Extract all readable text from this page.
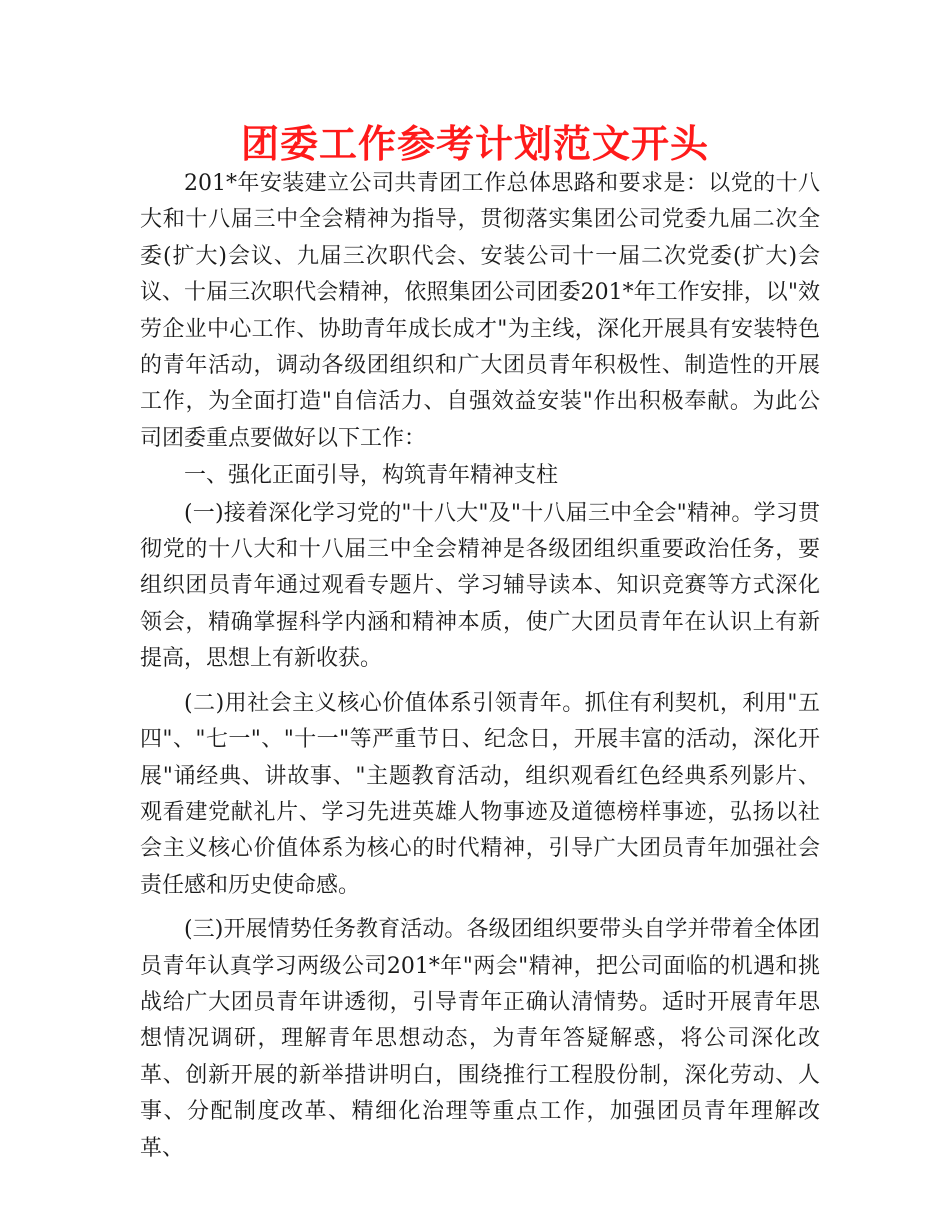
团委工作参考计划范文开头

201*年安装建立公司共青团工作总体思路和要求是：以党的十八大和十八届三中全会精神为指导，贯彻落实集团公司党委九届二次全委(扩大)会议、九届三次职代会、安装公司十一届二次党委(扩大)会议、十届三次职代会精神，依照集团公司团委201*年工作安排，以"效劳企业中心工作、协助青年成长成才"为主线，深化开展具有安装特色的青年活动，调动各级团组织和广大团员青年积极性、制造性的开展工作，为全面打造"自信活力、自强效益安装"作出积极奉献。为此公司团委重点要做好以下工作：

一、强化正面引导，构筑青年精神支柱

(一)接着深化学习党的"十八大"及"十八届三中全会"精神。学习贯彻党的十八大和十八届三中全会精神是各级团组织重要政治任务，要组织团员青年通过观看专题片、学习辅导读本、知识竞赛等方式深化领会，精确掌握科学内涵和精神本质，使广大团员青年在认识上有新提高，思想上有新收获。

(二)用社会主义核心价值体系引领青年。抓住有利契机，利用"五四"、"七一"、"十一"等严重节日、纪念日，开展丰富的活动，深化开展"诵经典、讲故事、"主题教育活动，组织观看红色经典系列影片、观看建党献礼片、学习先进英雄人物事迹及道德榜样事迹，弘扬以社会主义核心价值体系为核心的时代精神，引导广大团员青年加强社会责任感和历史使命感。

(三)开展情势任务教育活动。各级团组织要带头自学并带着全体团员青年认真学习两级公司201*年"两会"精神，把公司面临的机遇和挑战给广大团员青年讲透彻，引导青年正确认清情势。适时开展青年思想情况调研，理解青年思想动态，为青年答疑解惑，将公司深化改革、创新开展的新举措讲明白，围绕推行工程股份制，深化劳动、人事、分配制度改革、精细化治理等重点工作，加强团员青年理解改革、
